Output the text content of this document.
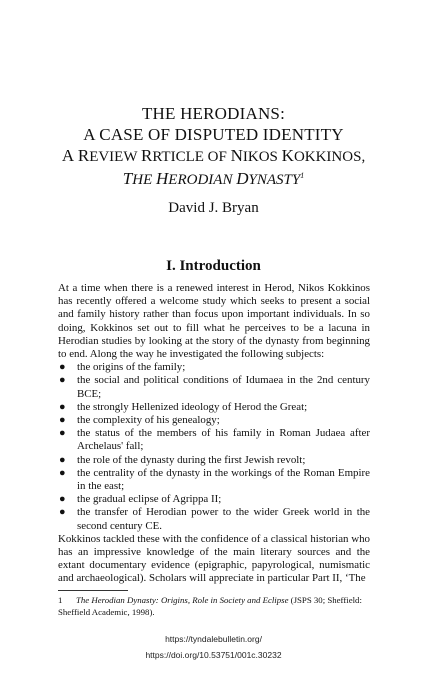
THE HERODIANS:
A CASE OF DISPUTED IDENTITY
A REVIEW RRTICLE OF NIKOS KOKKINOS,
THE HERODIAN DYNASTY$^1$
David J. Bryan
I. Introduction

At a time when there is a renewed interest in Herod, Nikos Kokkinos has recently offered a welcome study which seeks to present a social and family history rather than focus upon important individuals. In so doing, Kokkinos set out to fill what he perceives to be a lacuna in Herodian studies by looking at the story of the dynasty from beginning to end. Along the way he investigated the following subjects:

● the origins of the family;
● the social and political conditions of Idumaea in the 2nd century BCE;
● the strongly Hellenized ideology of Herod the Great;
● the complexity of his genealogy;
● the status of the members of his family in Roman Judaea after Archelaus' fall;
● the role of the dynasty during the first Jewish revolt;
● the centrality of the dynasty in the workings of the Roman Empire in the east;
● the gradual eclipse of Agrippa II;
● the transfer of Herodian power to the wider Greek world in the second century CE.

Kokkinos tackled these with the confidence of a classical historian who has an impressive knowledge of the main literary sources and the extant documentary evidence (epigraphic, papyrological, numismatic and archaeological). Scholars will appreciate in particular Part II, ‘The

1 The Herodian Dynasty: Origins, Role in Society and Eclipse (JSPS 30; Sheffield: Sheffield Academic, 1998).
https://tyndalebulletin.org/
https://doi.org/10.53751/001c.30232
